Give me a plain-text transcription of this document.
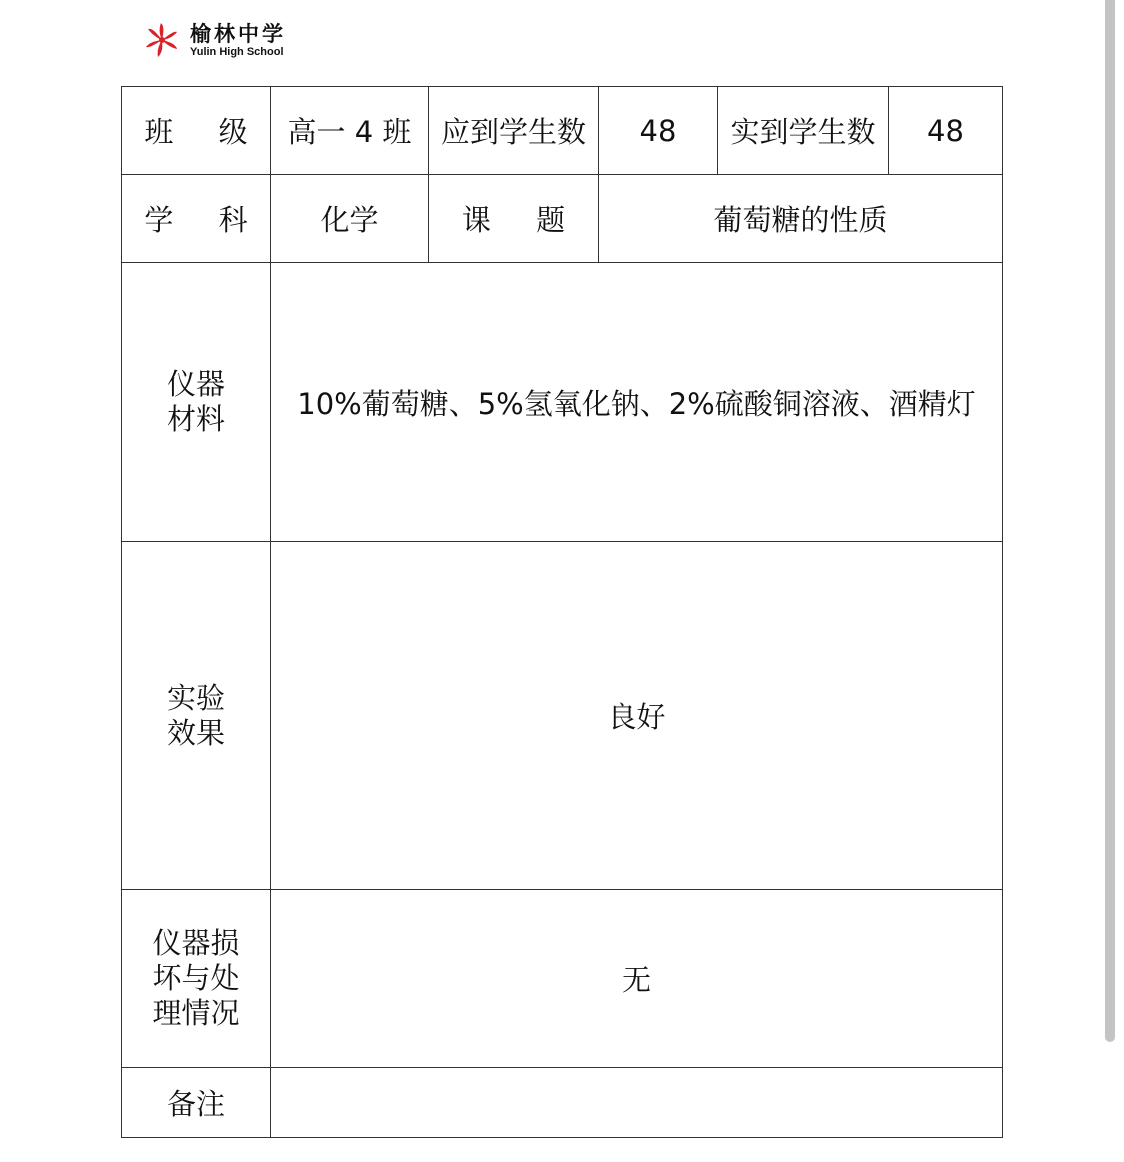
榆林中学
Yulin High School
班 级	高一 4 班	应到学生数	48	实到学生数	48
学 科	化学	课 题	葡萄糖的性质		

仪器
材料	10%葡萄糖、5%氢氧化钠、2%硫酸铜溶液、酒精灯				

实验
效果	良好				

仪器损
坏与处
理情况	无				
备注					
